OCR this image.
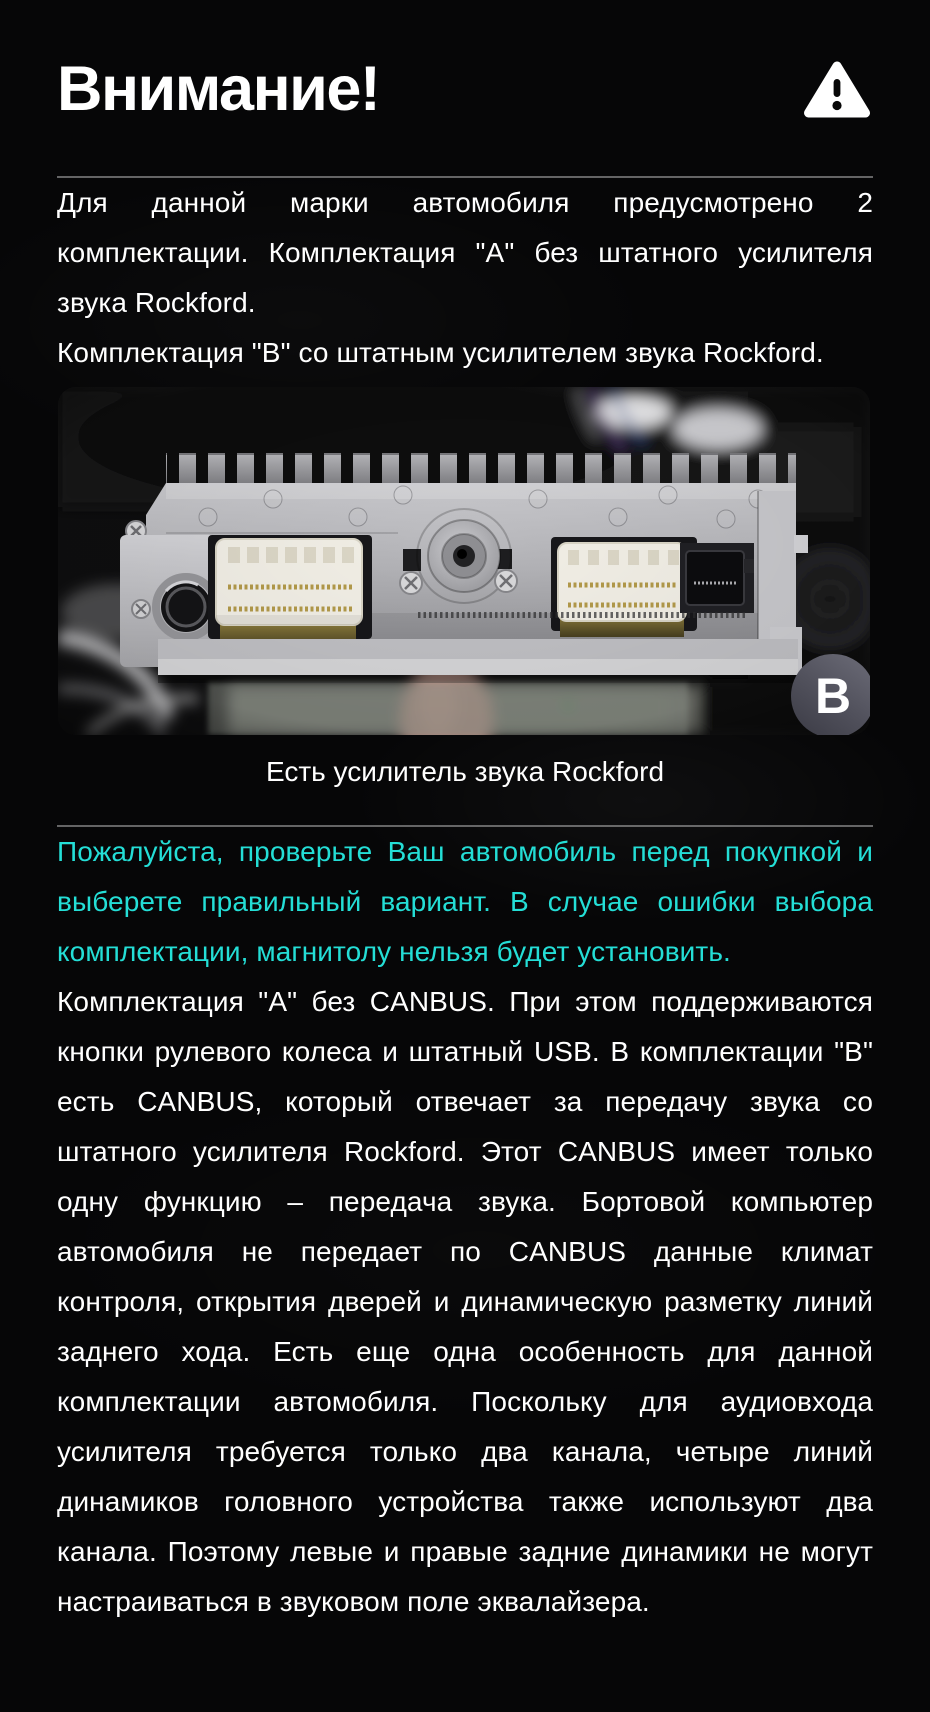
Внимание!

Для данной марки автомобиля предусмотрено 2 комплектации. Комплектация "А" без штатного усилителя звука Rockford.

Комплектация "В" со штатным усилителем звука Rockford.

B
Есть усилитель звука Rockford

Пожалуйста, проверьте Ваш автомобиль перед покупкой и выберете правильный вариант. В случае ошибки выбора комплектации, магнитолу нельзя будет установить.

Комплектация "А" без CANBUS. При этом поддерживаются кнопки рулевого колеса и штатный USB. В комплектации "В" есть CANBUS, который отвечает за передачу звука со штатного усилителя Rockford. Этот CANBUS имеет только одну функцию – передача звука. Бортовой компьютер автомобиля не передает по CANBUS данные климат контроля, открытия дверей и динамическую разметку линий заднего хода. Есть еще одна особенность для данной комплектации автомобиля. Поскольку для аудиовхода усилителя требуется только два канала, четыре линий динамиков головного устройства также используют два канала. Поэтому левые и правые задние динамики не могут настраиваться в звуковом поле эквалайзера.
